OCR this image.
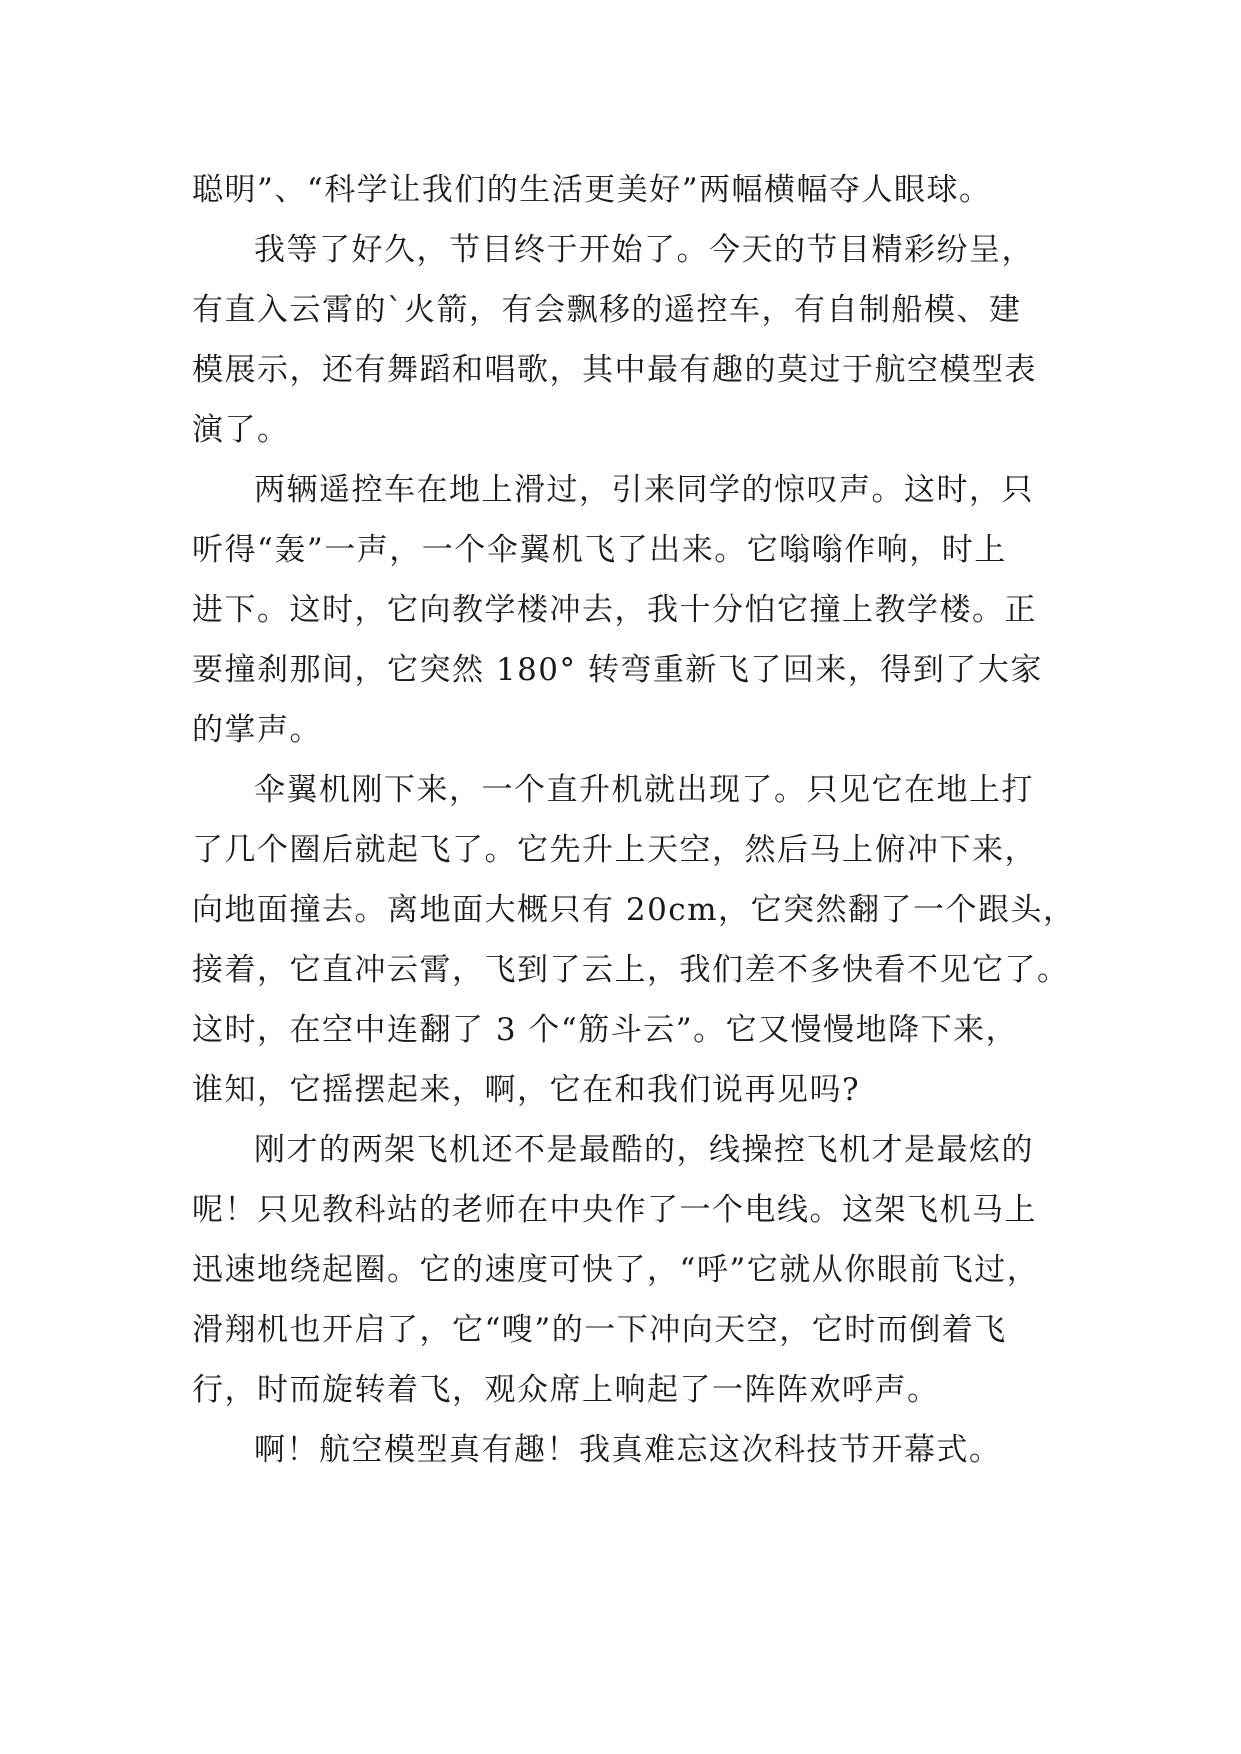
聪明”、“科学让我们的生活更美好”两幅横幅夺人眼球。
我等了好久，节目终于开始了。今天的节目精彩纷呈，
有直入云霄的`火箭，有会飘移的遥控车，有自制船模、建
模展示，还有舞蹈和唱歌，其中最有趣的莫过于航空模型表
演了。
两辆遥控车在地上滑过，引来同学的惊叹声。这时，只
听得“轰”一声，一个伞翼机飞了出来。它嗡嗡作响，时上
进下。这时，它向教学楼冲去，我十分怕它撞上教学楼。正
要撞刹那间，它突然 180° 转弯重新飞了回来，得到了大家
的掌声。
伞翼机刚下来，一个直升机就出现了。只见它在地上打
了几个圈后就起飞了。它先升上天空，然后马上俯冲下来，
向地面撞去。离地面大概只有 20cm，它突然翻了一个跟头，
接着，它直冲云霄，飞到了云上，我们差不多快看不见它了。
这时，在空中连翻了 3 个“筋斗云”。它又慢慢地降下来，
谁知，它摇摆起来，啊，它在和我们说再见吗?
刚才的两架飞机还不是最酷的，线操控飞机才是最炫的
呢！只见教科站的老师在中央作了一个电线。这架飞机马上
迅速地绕起圈。它的速度可快了，“呼”它就从你眼前飞过，
滑翔机也开启了，它“嗖”的一下冲向天空，它时而倒着飞
行，时而旋转着飞，观众席上响起了一阵阵欢呼声。
啊！航空模型真有趣！我真难忘这次科技节开幕式。
